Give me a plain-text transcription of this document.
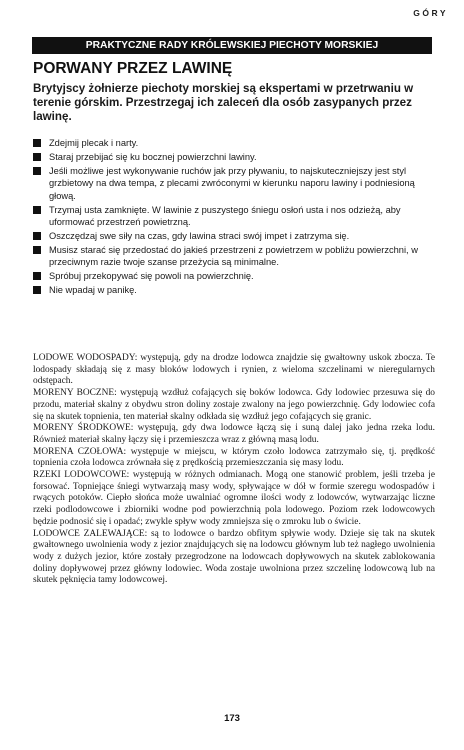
GÓRY
PRAKTYCZNE RADY KRÓLEWSKIEJ PIECHOTY MORSKIEJ
PORWANY PRZEZ LAWINĘ

Brytyjscy żołnierze piechoty morskiej są ekspertami w przetrwaniu w terenie górskim. Przestrzegaj ich zaleceń dla osób zasypanych przez lawinę.

Zdejmij plecak i narty.
Staraj przebijać się ku bocznej powierzchni lawiny.
Jeśli możliwe jest wykonywanie ruchów jak przy pływaniu, to najskuteczniejszy jest styl grzbietowy na dwa tempa, z plecami zwróconymi w kierunku naporu lawiny i podniesioną głową.
Trzymaj usta zamknięte. W lawinie z puszystego śniegu osłoń usta i nos odzieżą, aby uformować przestrzeń powietrzną.
Oszczędzaj swe siły na czas, gdy lawina straci swój impet i zatrzyma się.
Musisz starać się przedostać do jakieś przestrzeni z powietrzem w pobliżu powierzchni, w przeciwnym razie twoje szanse przeżycia są minimalne.
Spróbuj przekopywać się powoli na powierzchnię.
Nie wpadaj w panikę.

LODOWE WODOSPADY: występują, gdy na drodze lodowca znajdzie się gwałtowny uskok zbocza. Te lodospady składają się z masy bloków lodowych i rynien, z wieloma szczelinami w nieregularnych odstępach.

MORENY BOCZNE: występują wzdłuż cofających się boków lodowca. Gdy lodowiec przesuwa się do przodu, materiał skalny z obydwu stron doliny zostaje zwalony na jego powierzchnię. Gdy lodowiec cofa się na skutek topnienia, ten materiał skalny odkłada się wzdłuż jego cofających się granic.

MORENY ŚRODKOWE: występują, gdy dwa lodowce łączą się i suną dalej jako jedna rzeka lodu. Również materiał skalny łączy się i przemieszcza wraz z główną masą lodu.

MORENA CZOŁOWA: występuje w miejscu, w którym czoło lodowca zatrzymało się, tj. prędkość topnienia czoła lodowca zrównała się z prędkością przemieszczania się masy lodu.

RZEKI LODOWCOWE: występują w różnych odmianach. Mogą one stanowić problem, jeśli trzeba je forsować. Topniejące śniegi wytwarzają masy wody, spływające w dół w formie szeregu wodospadów i rwących potoków. Ciepło słońca może uwalniać ogromne ilości wody z lodowców, wytwarzając liczne rzeki podlodowcowe i zbiorniki wodne pod powierzchnią pola lodowego. Poziom rzek lodowcowych będzie podnosić się i opadać; zwykle spływ wody zmniejsza się o zmroku lub o świcie.

LODOWCE ZALEWAJĄCE: są to lodowce o bardzo obfitym spływie wody. Dzieje się tak na skutek gwałtownego uwolnienia wody z jezior znajdujących się na lodowcu głównym lub też nagłego uwolnienia wody z dużych jezior, które zostały przegrodzone na lodowcach dopływowych na skutek zablokowania doliny dopływowej przez główny lodowiec. Woda zostaje uwolniona przez szczelinę lodowcową lub na skutek pęknięcia tamy lodowcowej.

173
